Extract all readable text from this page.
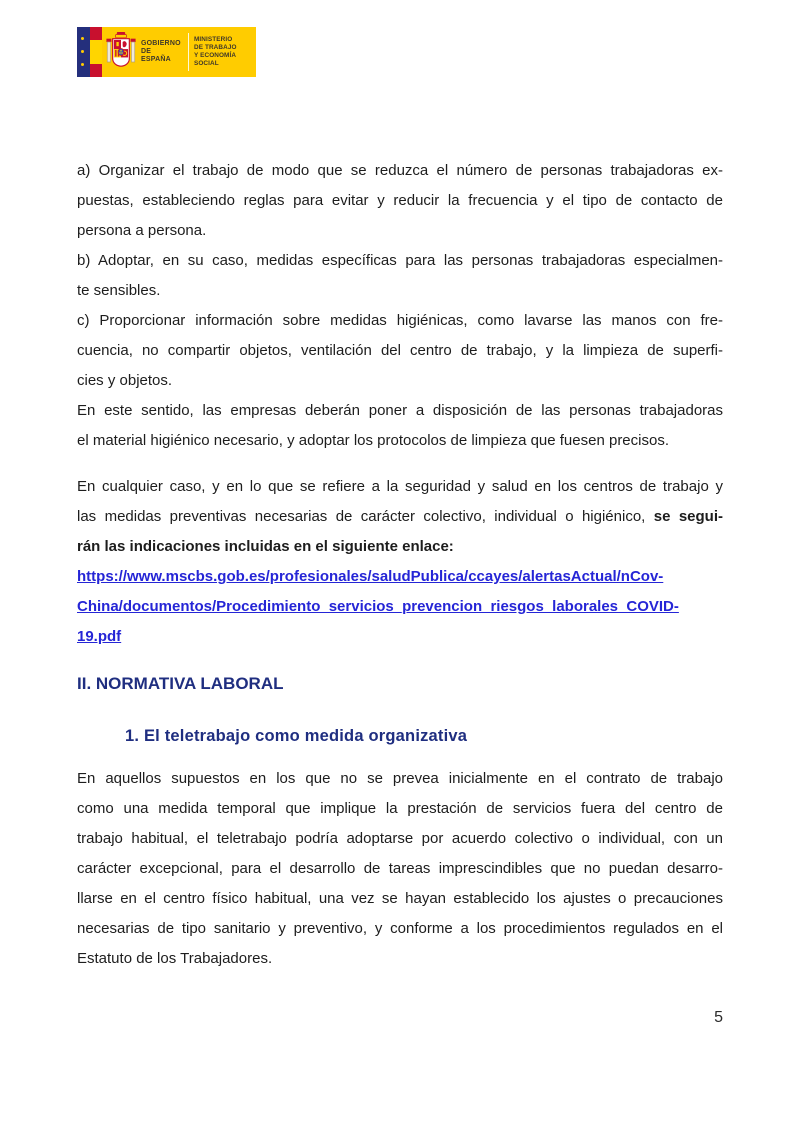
GOBIERNO
DE ESPAÑA
MINISTERIO
DE TRABAJO
Y ECONOMÍA SOCIAL
a) Organizar el trabajo de modo que se reduzca el número de personas trabajadoras ex-
puestas, estableciendo reglas para evitar y reducir la frecuencia y el tipo de contacto de
persona a persona.
b) Adoptar, en su caso, medidas específicas para las personas trabajadoras especialmen-
te sensibles.
c) Proporcionar información sobre medidas higiénicas, como lavarse las manos con fre-
cuencia, no compartir objetos, ventilación del centro de trabajo, y la limpieza de superfi-
cies y objetos.
En este sentido, las empresas deberán poner a disposición de las personas trabajadoras
el material higiénico necesario, y adoptar los protocolos de limpieza que fuesen precisos.
En cualquier caso, y en lo que se refiere a la seguridad y salud en los centros de trabajo y
las medidas preventivas necesarias de carácter colectivo, individual o higiénico, se segui-
rán las indicaciones incluidas en el siguiente enlace:
https://www.mscbs.gob.es/profesionales/saludPublica/ccayes/alertasActual/nCov-
China/documentos/Procedimiento_servicios_prevencion_riesgos_laborales_COVID-
19.pdf
II. NORMATIVA LABORAL
1. El teletrabajo como medida organizativa
En aquellos supuestos en los que no se prevea inicialmente en el contrato de trabajo
como una medida temporal que implique la prestación de servicios fuera del centro de
trabajo habitual, el teletrabajo podría adoptarse por acuerdo colectivo o individual, con un
carácter excepcional, para el desarrollo de tareas imprescindibles que no puedan desarro-
llarse en el centro físico habitual, una vez se hayan establecido los ajustes o precauciones
necesarias de tipo sanitario y preventivo, y conforme a los procedimientos regulados en el
Estatuto de los Trabajadores.
5
